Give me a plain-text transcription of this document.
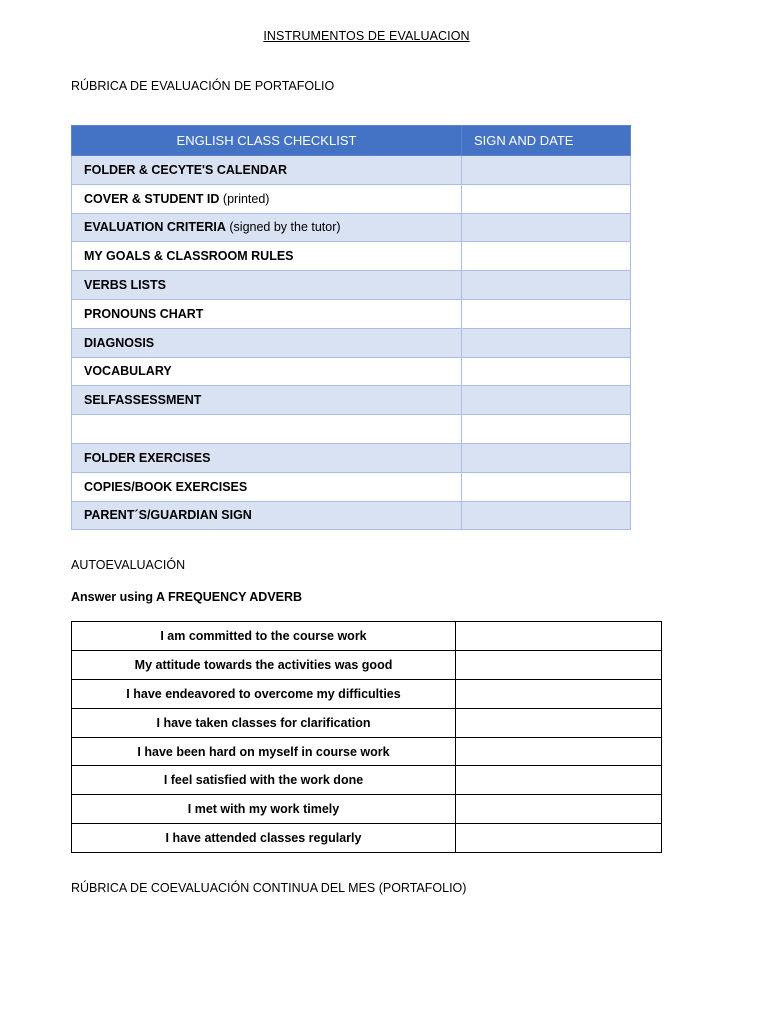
INSTRUMENTOS DE EVALUACION
RÚBRICA DE EVALUACIÓN DE PORTAFOLIO
ENGLISH CLASS CHECKLIST	SIGN AND DATE
FOLDER & CECYTE'S CALENDAR	
COVER & STUDENT ID (printed)	
EVALUATION CRITERIA (signed by the tutor)	
MY GOALS & CLASSROOM RULES	
VERBS LISTS	
PRONOUNS CHART	
DIAGNOSIS	
VOCABULARY	
SELFASSESSMENT	

FOLDER EXERCISES	
COPIES/BOOK EXERCISES	
PARENT´S/GUARDIAN SIGN	
AUTOEVALUACIÓN
Answer using A FREQUENCY ADVERB
I am committed to the course work	
My attitude towards the activities was good	
I have endeavored to overcome my difficulties	
I have taken classes for clarification	
I have been hard on myself in course work	
I feel satisfied with the work done	
I met with my work timely	
I have attended classes regularly	
RÚBRICA DE COEVALUACIÓN CONTINUA DEL MES (PORTAFOLIO)
